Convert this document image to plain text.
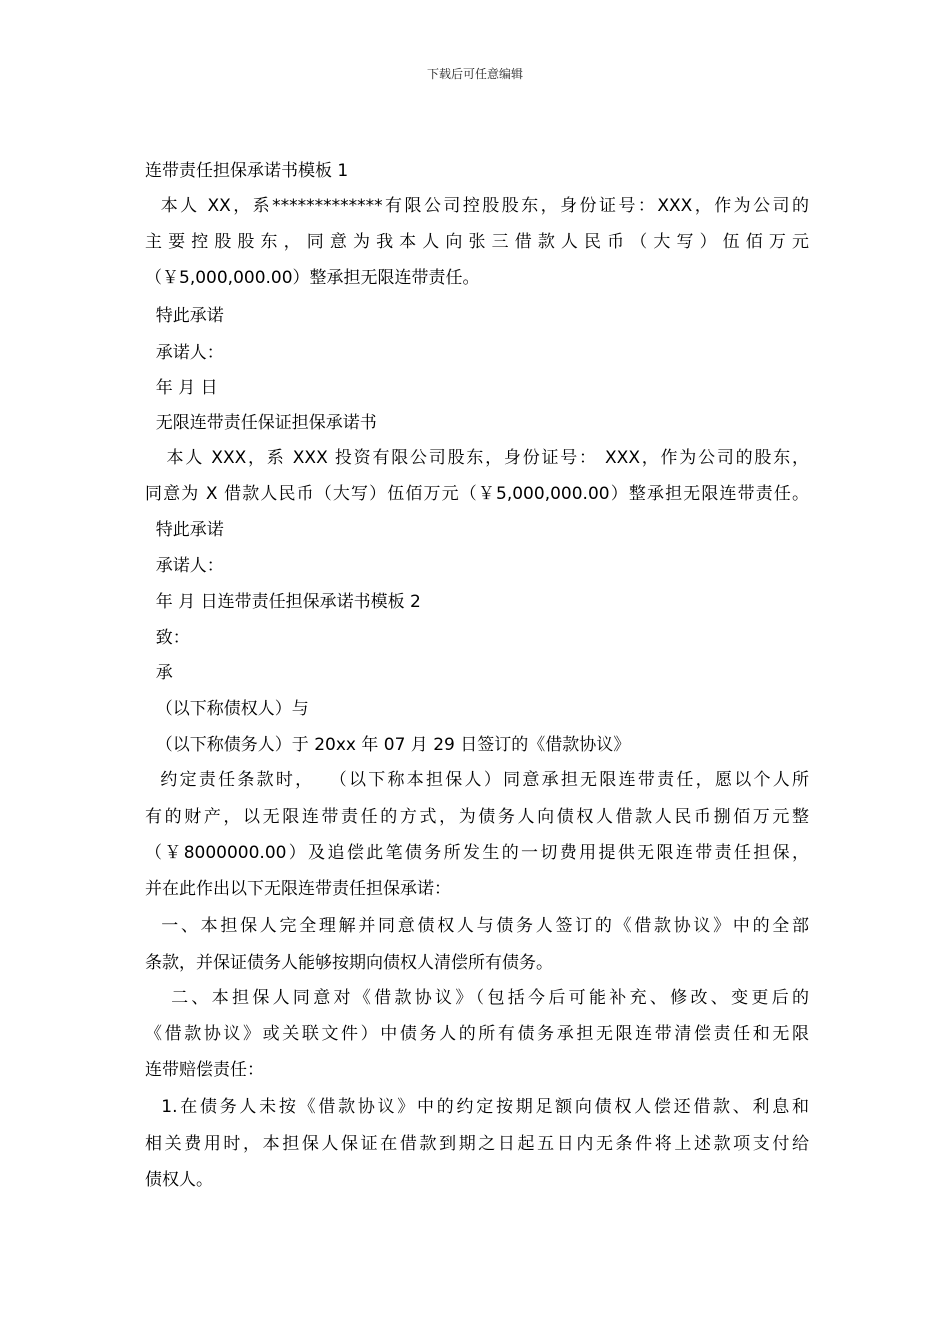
下载后可任意编辑
连带责任担保承诺书模板 1
本人 XX，系*************有限公司控股股东，身份证号：XXX，作为公司的
主要控股股东，同意为我本人向张三借款人民币（大写）伍佰万元
（￥5,000,000.00）整承担无限连带责任。
特此承诺
承诺人：
年 月 日
无限连带责任保证担保承诺书
本人 XXX，系 XXX 投资有限公司股东，身份证号： XXX，作为公司的股东，
同意为 X 借款人民币（大写）伍佰万元（￥5,000,000.00）整承担无限连带责任。
特此承诺
承诺人：
年 月 日连带责任担保承诺书模板 2
致：
承
（以下称债权人）与
（以下称债务人）于 20xx 年 07 月 29 日签订的《借款协议》
约定责任条款时，  （以下称本担保人）同意承担无限连带责任，愿以个人所
有的财产，以无限连带责任的方式，为债务人向债权人借款人民币捌佰万元整
（￥8000000.00）及追偿此笔债务所发生的一切费用提供无限连带责任担保，
并在此作出以下无限连带责任担保承诺：
一、本担保人完全理解并同意债权人与债务人签订的《借款协议》中的全部
条款，并保证债务人能够按期向债权人清偿所有债务。
二、本担保人同意对《借款协议》（包括今后可能补充、修改、变更后的
《借款协议》或关联文件）中债务人的所有债务承担无限连带清偿责任和无限
连带赔偿责任：
1.在债务人未按《借款协议》中的约定按期足额向债权人偿还借款、利息和
相关费用时，本担保人保证在借款到期之日起五日内无条件将上述款项支付给
债权人。
